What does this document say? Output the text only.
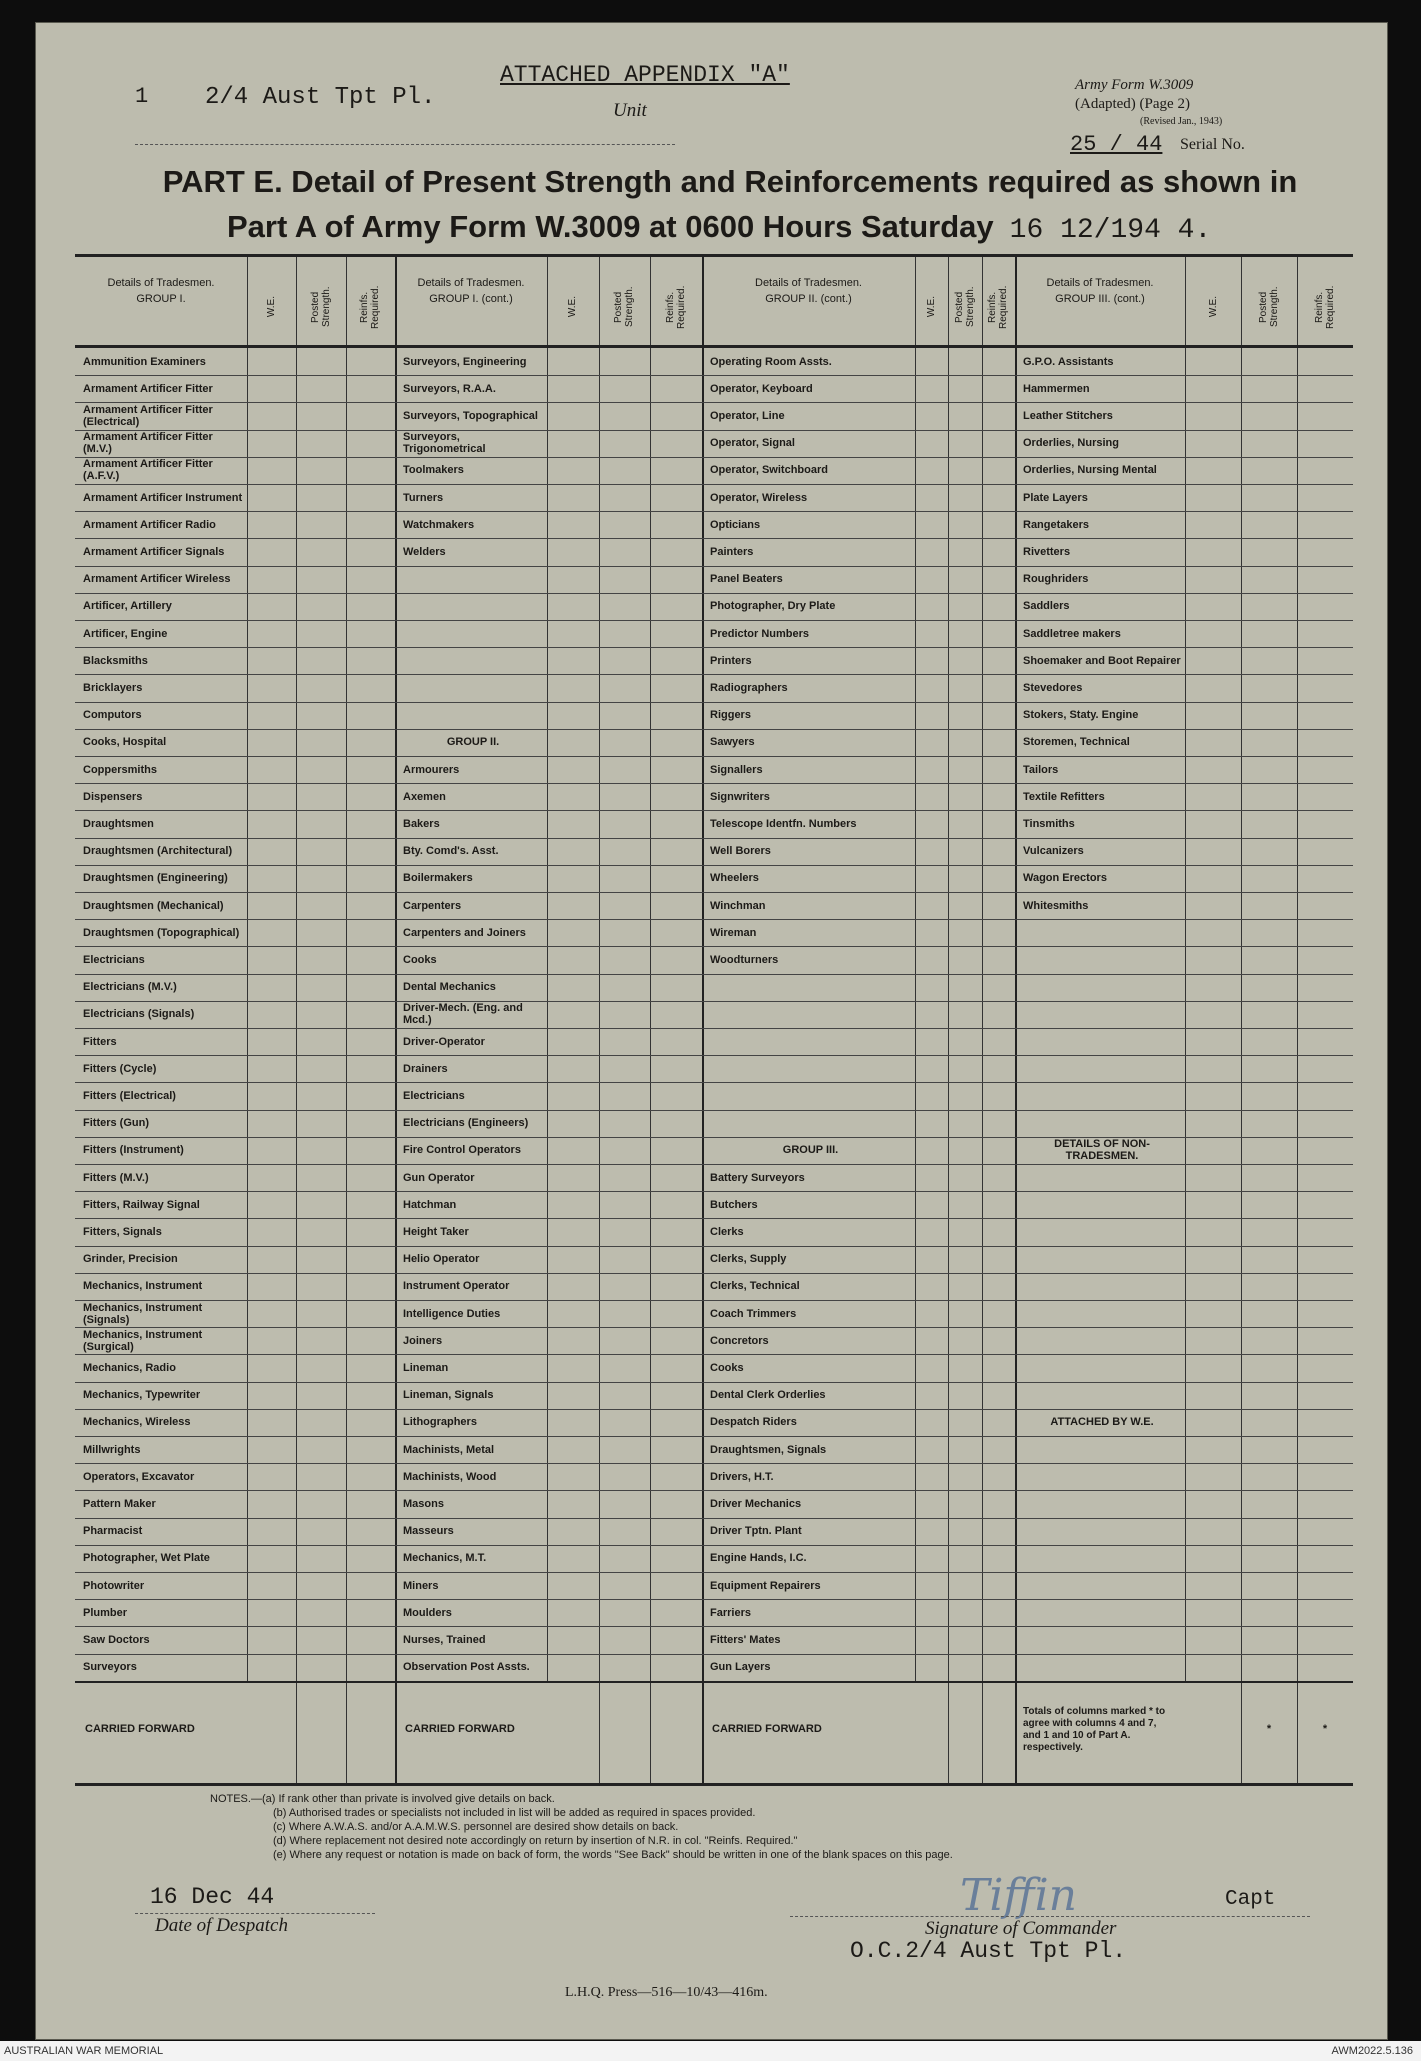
1 2/4 Aust Tpt Pl.
ATTACHED APPENDIX "A"
Unit
Army Form W.3009
(Adapted) (Page 2)
(Revised Jan., 1943)
25 / 44 Serial No.
PART E. Detail of Present Strength and Reinforcements required as shown in
Part A of Army Form W.3009 at 0600 Hours Saturday 16 12/194 4.
Details of Tradesmen.
GROUP I.	W.E.	Posted Strength.	Reinfs. Required.
Ammunition Examiners
Armament Artificer Fitter
Armament Artificer Fitter (Electrical)
Armament Artificer Fitter (M.V.)
Armament Artificer Fitter (A.F.V.)
Armament Artificer Instrument
Armament Artificer Radio
Armament Artificer Signals
Armament Artificer Wireless
Artificer, Artillery
Artificer, Engine
Blacksmiths
Bricklayers
Computors
Cooks, Hospital
Coppersmiths
Dispensers
Draughtsmen
Draughtsmen (Architectural)
Draughtsmen (Engineering)
Draughtsmen (Mechanical)
Draughtsmen (Topographical)
Electricians
Electricians (M.V.)
Electricians (Signals)
Fitters
Fitters (Cycle)
Fitters (Electrical)
Fitters (Gun)
Fitters (Instrument)
Fitters (M.V.)
Fitters, Railway Signal
Fitters, Signals
Grinder, Precision
Mechanics, Instrument
Mechanics, Instrument (Signals)
Mechanics, Instrument (Surgical)
Mechanics, Radio
Mechanics, Typewriter
Mechanics, Wireless
Millwrights
Operators, Excavator
Pattern Maker
Pharmacist
Photographer, Wet Plate
Photowriter
Plumber
Saw Doctors
Surveyors
CARRIED FORWARD
Details of Tradesmen.
GROUP I. (cont.)	W.E.	Posted Strength.	Reinfs. Required.
Surveyors, Engineering
Surveyors, R.A.A.
Surveyors, Topographical
Surveyors, Trigonometrical
Toolmakers
Turners
Watchmakers
Welders
GROUP II.
Armourers
Axemen
Bakers
Bty. Comd's. Asst.
Boilermakers
Carpenters
Carpenters and Joiners
Cooks
Dental Mechanics
Driver-Mech. (Eng. and Mcd.)
Driver-Operator
Drainers
Electricians
Electricians (Engineers)
Fire Control Operators
Gun Operator
Hatchman
Height Taker
Helio Operator
Instrument Operator
Intelligence Duties
Joiners
Lineman
Lineman, Signals
Lithographers
Machinists, Metal
Machinists, Wood
Masons
Masseurs
Mechanics, M.T.
Miners
Moulders
Nurses, Trained
Observation Post Assts.
CARRIED FORWARD
Details of Tradesmen.
GROUP II. (cont.)	W.E. Posted Strength. Reinfs. Required.
Operating Room Assts.
Operator, Keyboard
Operator, Line
Operator, Signal
Operator, Switchboard
Operator, Wireless
Opticians
Painters
Panel Beaters
Photographer, Dry Plate
Predictor Numbers
Printers
Radiographers
Riggers
Sawyers
Signallers
Signwriters
Telescope Identfn. Numbers
Well Borers
Wheelers
Winchman
Wireman
Woodturners
GROUP III.
Battery Surveyors
Butchers
Clerks
Clerks, Supply
Clerks, Technical
Coach Trimmers
Concretors
Cooks
Dental Clerk Orderlies
Despatch Riders
Draughtsmen, Signals
Drivers, H.T.
Driver Mechanics
Driver Tptn. Plant
Engine Hands, I.C.
Equipment Repairers
Farriers
Fitters' Mates
Gun Layers
CARRIED FORWARD
Details of Tradesmen.
GROUP III. (cont.)	W.E.	Posted Strength.	Reinfs. Required.
G.P.O. Assistants
Hammermen
Leather Stitchers
Orderlies, Nursing
Orderlies, Nursing Mental
Plate Layers
Rangetakers
Rivetters
Roughriders
Saddlers
Saddletree makers
Shoemaker and Boot Repairer
Stevedores
Stokers, Staty. Engine
Storemen, Technical
Tailors
Textile Refitters
Tinsmiths
Vulcanizers
Wagon Erectors
Whitesmiths
DETAILS OF NON-TRADESMEN.
ATTACHED BY W.E.
Totals of columns marked * to agree with columns 4 and 7, and 1 and 10 of Part A. respectively.
*	*
NOTES.—(a) If rank other than private is involved give details on back.
(b) Authorised trades or specialists not included in list will be added as required in spaces provided.
(c) Where A.W.A.S. and/or A.A.M.W.S. personnel are desired show details on back.
(d) Where replacement not desired note accordingly on return by insertion of N.R. in col. "Reinfs. Required."
(e) Where any request or notation is made on back of form, the words "See Back" should be written in one of the blank spaces on this page.
16 Dec 44
Date of Despatch
Tiffin	Capt
Signature of Commander
O.C.2/4 Aust Tpt Pl.
L.H.Q. Press—516—10/43—416m.
AUSTRALIAN WAR MEMORIAL	AWM2022.5.136
